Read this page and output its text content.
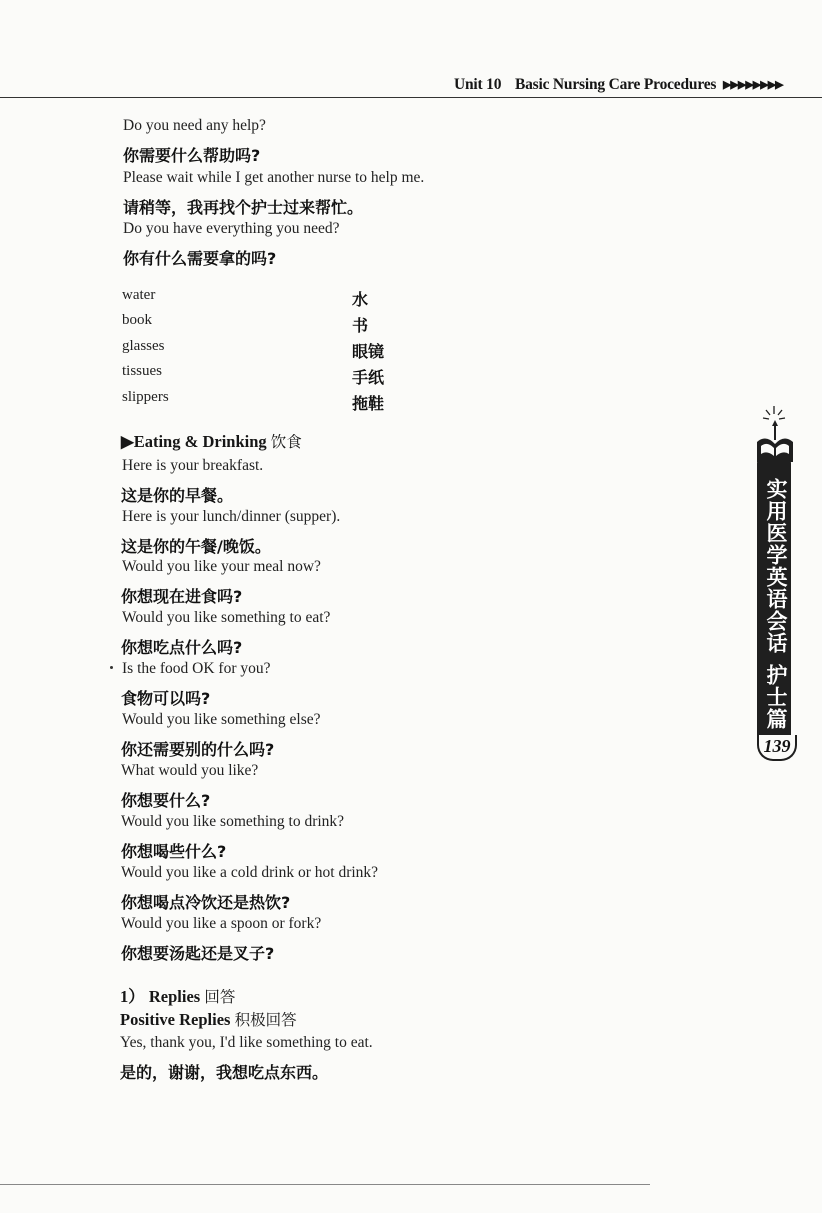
Unit 10 Basic Nursing Care Procedures ▶▶▶▶▶▶▶▶
Do you need any help?
你需要什么帮助吗?
Please wait while I get another nurse to help me.
请稍等，我再找个护士过来帮忙。
Do you have everything you need?
你有什么需要拿的吗?
water	水
book	书
glasses	眼镜
tissues	手纸
slippers	拖鞋
▶Eating & Drinking 饮食
Here is your breakfast.
这是你的早餐。
Here is your lunch/dinner (supper).
这是你的午餐/晚饭。
Would you like your meal now?
你想现在进食吗?
Would you like something to eat?
你想吃点什么吗?
Is the food OK for you?
食物可以吗?
Would you like something else?
你还需要别的什么吗?
What would you like?
你想要什么?
Would you like something to drink?
你想喝些什么?
Would you like a cold drink or hot drink?
你想喝点冷饮还是热饮?
Would you like a spoon or fork?
你想要汤匙还是叉子?
1） Replies 回答
Positive Replies 积极回答
Yes, thank you, I'd like something to eat.
是的，谢谢，我想吃点东西。
实用医学英语会话
护士篇
139
